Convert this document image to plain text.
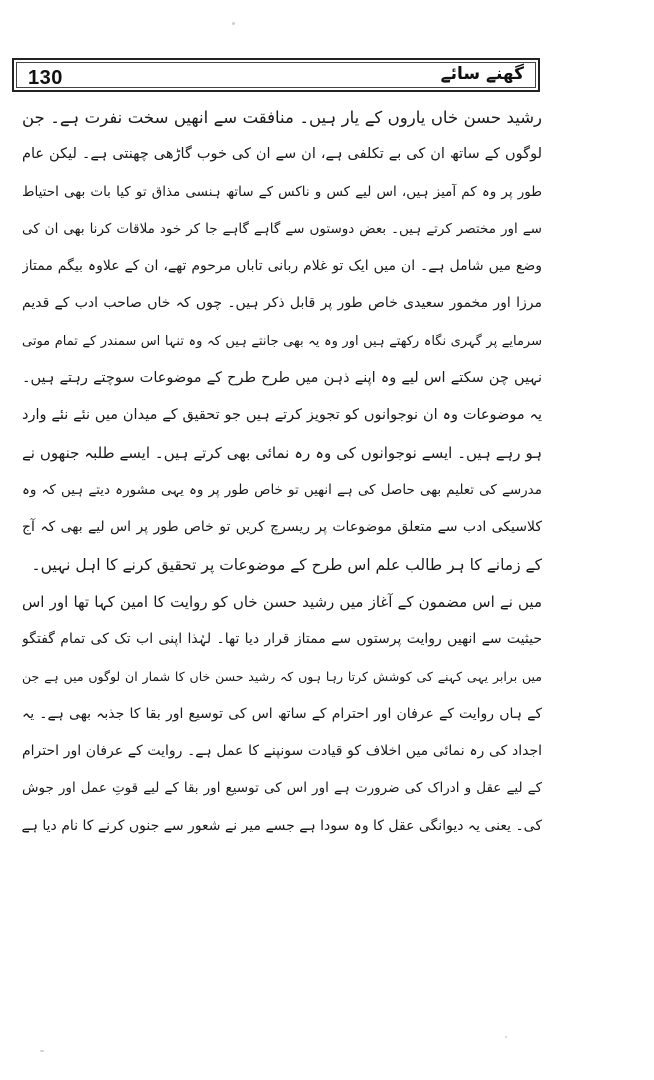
130	گھنے سائے
رشید حسن خاں یاروں کے یار ہیں۔ منافقت سے انھیں سخت نفرت ہے۔ جن
لوگوں کے ساتھ ان کی بے تکلفی ہے، ان سے ان کی خوب گاڑھی چھنتی ہے۔ لیکن عام
طور پر وہ کم آمیز ہیں، اس لیے کس و ناکس کے ساتھ ہنسی مذاق تو کیا بات بھی احتیاط
سے اور مختصر کرتے ہیں۔ بعض دوستوں سے گاہے گاہے جا کر خود ملاقات کرنا بھی ان کی
وضع میں شامل ہے۔ ان میں ایک تو غلام ربانی تاباں مرحوم تھے، ان کے علاوہ بیگم ممتاز
مرزا اور مخمور سعیدی خاص طور پر قابل ذکر ہیں۔ چوں کہ خاں صاحب ادب کے قدیم
سرمایے پر گہری نگاہ رکھتے ہیں اور وہ یہ بھی جانتے ہیں کہ وہ تنہا اس سمندر کے تمام موتی
نہیں چن سکتے اس لیے وہ اپنے ذہن میں طرح طرح کے موضوعات سوچتے رہتے ہیں۔
یہ موضوعات وہ ان نوجوانوں کو تجویز کرتے ہیں جو تحقیق کے میدان میں نئے نئے وارد
ہو رہے ہیں۔ ایسے نوجوانوں کی وہ رہ نمائی بھی کرتے ہیں۔ ایسے طلبہ جنھوں نے
مدرسے کی تعلیم بھی حاصل کی ہے انھیں تو خاص طور پر وہ یہی مشورہ دیتے ہیں کہ وہ
کلاسیکی ادب سے متعلق موضوعات پر ریسرچ کریں تو خاص طور پر اس لیے بھی کہ آج
کے زمانے کا ہر طالب علم اس طرح کے موضوعات پر تحقیق کرنے کا اہل نہیں۔
میں نے اس مضمون کے آغاز میں رشید حسن خاں کو روایت کا امین کہا تھا اور اس
حیثیت سے انھیں روایت پرستوں سے ممتاز قرار دیا تھا۔ لہٰذا اپنی اب تک کی تمام گفتگو
میں برابر یہی کہنے کی کوشش کرتا رہا ہوں کہ رشید حسن خاں کا شمار ان لوگوں میں ہے جن
کے ہاں روایت کے عرفان اور احترام کے ساتھ اس کی توسیع اور بقا کا جذبہ بھی ہے۔ یہ
اجداد کی رہ نمائی میں اخلاف کو قیادت سونپنے کا عمل ہے۔ روایت کے عرفان اور احترام
کے لیے عقل و ادراک کی ضرورت ہے اور اس کی توسیع اور بقا کے لیے قوتِ عمل اور جوش
کی۔ یعنی یہ دیوانگی عقل کا وہ سودا ہے جسے میر نے شعور سے جنوں کرنے کا نام دیا ہے
